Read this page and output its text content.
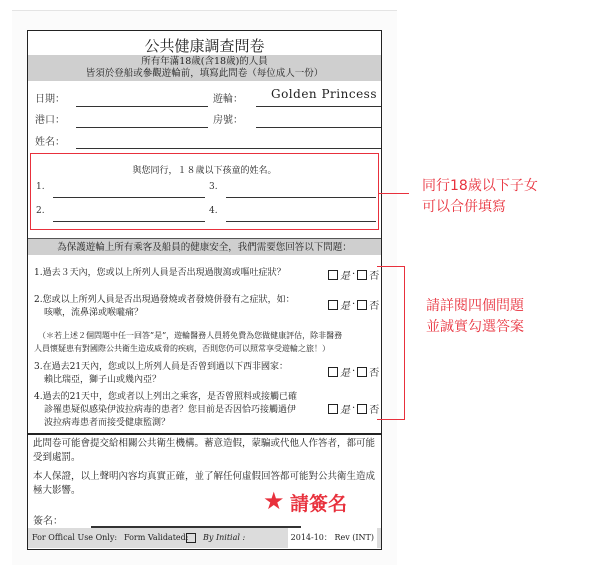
公共健康調查問卷
所有年滿18歲(含18歲)的人員
皆須於登船或參觀遊輪前，填寫此問卷（每位成人一份）
日期：	遊輪： Golden Princess
港口：	房號：
姓名：
與您同行，１８歲以下孩童的姓名。
1.
2.
3.
4.
為保護遊輪上所有乘客及船員的健康安全，我們需要您回答以下問題：
1.過去３天內，您或以上所列人員是否出現過腹瀉或嘔吐症狀？	是 · 否
2.您或以上所列人員是否出現過發燒或者發燒併發有之症狀，如：
咳嗽，流鼻涕或喉嚨痛？
是 · 否
（＊若上述２個問題中任一回答”是”，遊輪醫務人員將免費為您做健康評估，除非醫務
人員懷疑患有對國際公共衛生造成威脅的疾病，否則您仍可以照常享受遊輪之旅！）
3.在過去21天內，您或以上所列人員是否曾到過以下西非國家：
賴比瑞亞，獅子山或幾內亞？
是 · 否
4.過去的21天中，您或者以上列出之乘客，是否曾照料或接觸已確
診罹患疑似感染伊波拉病毒的患者？您目前是否因恰巧接觸過伊
波拉病毒患者而接受健康監測？
是 · 否
此問卷可能會提交給相關公共衛生機構。蓄意造假，蒙騙或代他人作答者，都可能受到處罰。
本人保證，以上聲明內容均真實正確，並了解任何虛假回答都可能對公共衛生造成極大影響。
簽名：
For Offical Use Only: Form Validated: By Initial :	2014-10： Rev (INT)
★ 請簽名
同行18歲以下子女
可以合併填寫
請詳閱四個問題
並誠實勾選答案
